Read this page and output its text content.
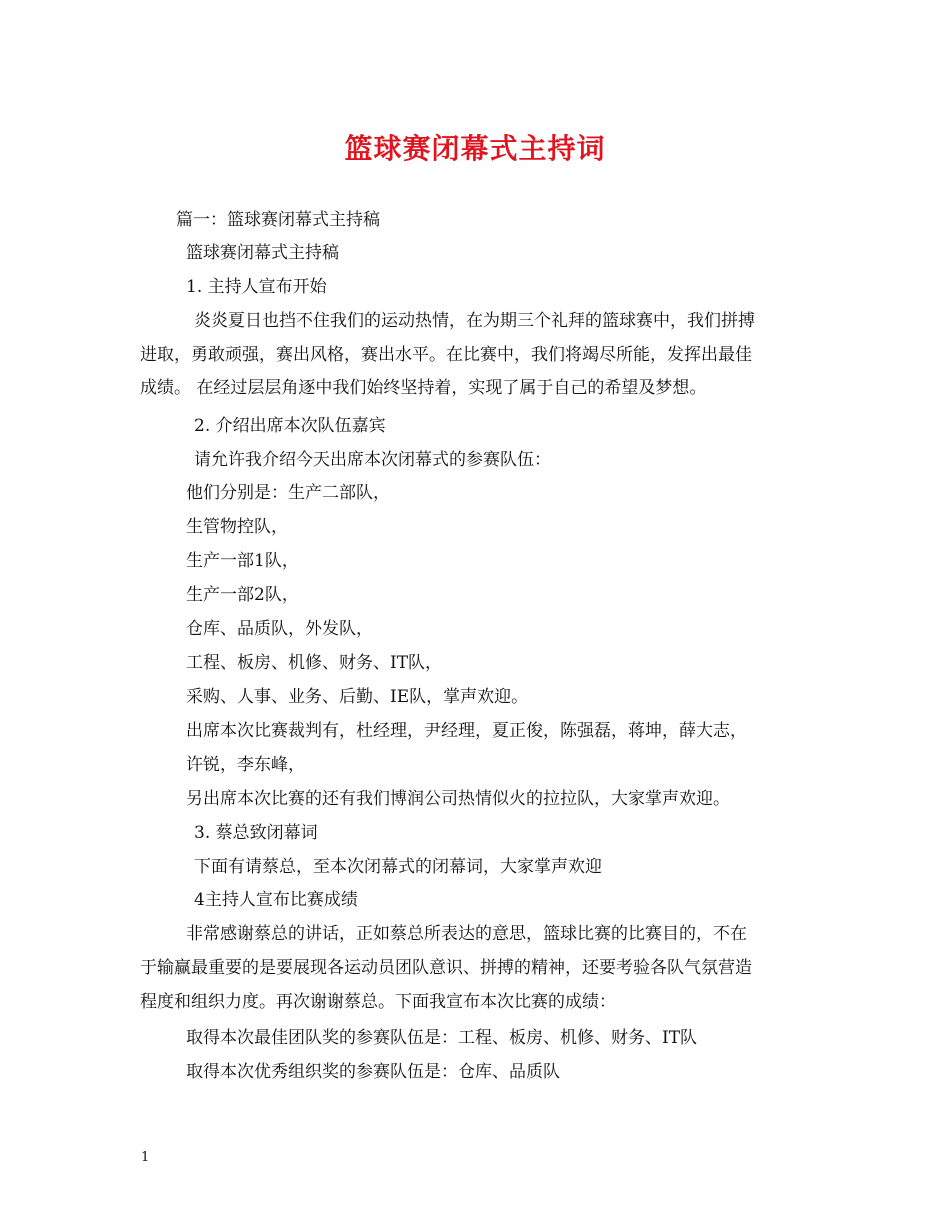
篮球赛闭幕式主持词

篇一：篮球赛闭幕式主持稿

篮球赛闭幕式主持稿

1. 主持人宣布开始

炎炎夏日也挡不住我们的运动热情，在为期三个礼拜的篮球赛中，我们拼搏

进取，勇敢顽强，赛出风格，赛出水平。在比赛中，我们将竭尽所能，发挥出最佳

成绩。 在经过层层角逐中我们始终坚持着，实现了属于自己的希望及梦想。

2. 介绍出席本次队伍嘉宾

请允许我介绍今天出席本次闭幕式的参赛队伍：

他们分别是：生产二部队，

生管物控队，

生产一部1队，

生产一部2队，

仓库、品质队，外发队，

工程、板房、机修、财务、IT队，

采购、人事、业务、后勤、IE队，掌声欢迎。

出席本次比赛裁判有，杜经理，尹经理，夏正俊，陈强磊，蒋坤，薛大志，

许锐，李东峰，

另出席本次比赛的还有我们博润公司热情似火的拉拉队，大家掌声欢迎。

3. 蔡总致闭幕词

下面有请蔡总，至本次闭幕式的闭幕词，大家掌声欢迎

4主持人宣布比赛成绩

非常感谢蔡总的讲话，正如蔡总所表达的意思，篮球比赛的比赛目的，不在

于输赢最重要的是要展现各运动员团队意识、拼搏的精神，还要考验各队气氛营造

程度和组织力度。再次谢谢蔡总。下面我宣布本次比赛的成绩：

取得本次最佳团队奖的参赛队伍是：工程、板房、机修、财务、IT队

取得本次优秀组织奖的参赛队伍是：仓库、品质队

1
